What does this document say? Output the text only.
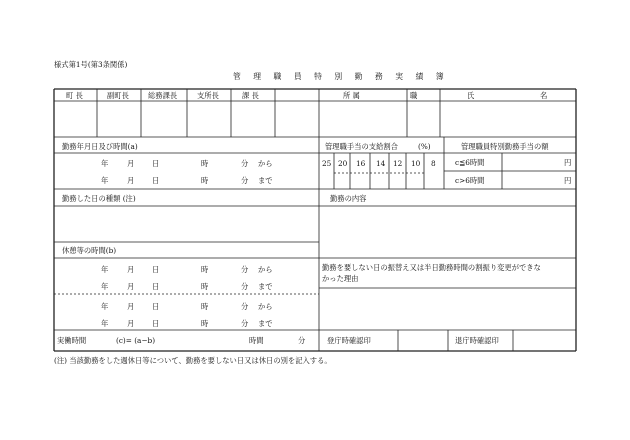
様式第1号(第3条関係)
管 理 職 員 特 別 勤 務 実 績 簿
町 長	副町長	総務課長	支所長	課 長	所 属	職	氏	名
勤務年月日及び時間(a)
年	月 日	時	分 から
年	月 日	時	分 まで
管理職手当の支給割合	(%)
25 20 16 14 12 10 8
管理職員特別勤務手当の額
c≦6時間	円
c>6時間	円
勤務した日の種類 (注)	勤務の内容
休憩等の時間(b)
年	月 日	時	分 から
年	月 日	時	分 まで
年	月 日	時	分 から
年	月 日	時	分 まで
勤務を要しない日の振替え又は半日勤務時間の割振り変更ができな
かった理由
実働時間	(c)= (a−b)	時間	分	登庁時確認印	退庁時確認印
(注) 当該勤務をした週休日等について、勤務を要しない日又は休日の別を記入する。
